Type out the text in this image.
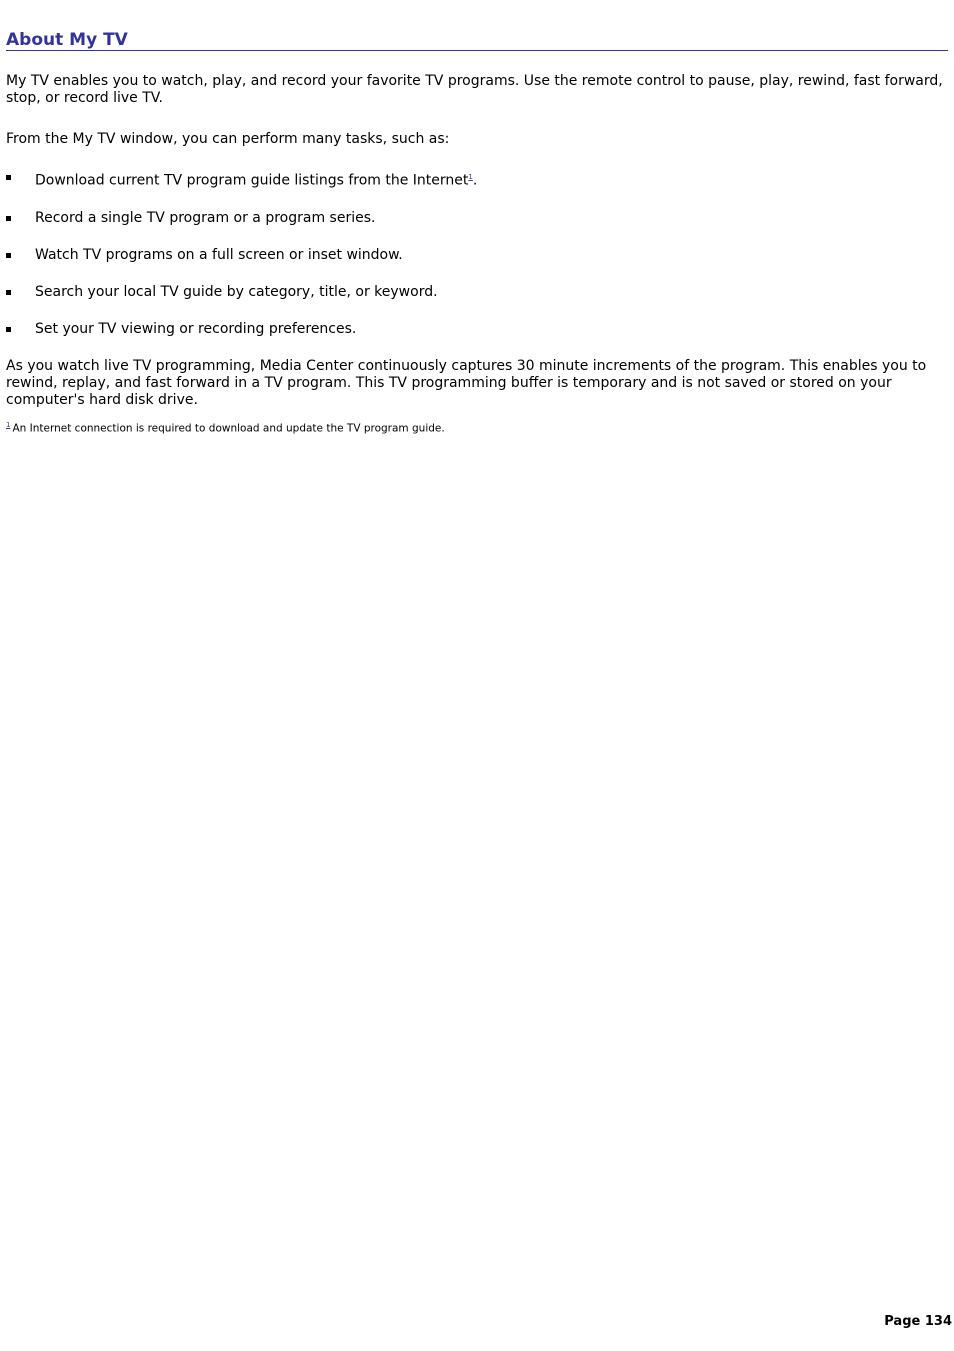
About My TV

My TV enables you to watch, play, and record your favorite TV programs. Use the remote control to pause, play, rewind, fast forward, stop, or record live TV.

From the My TV window, you can perform many tasks, such as:

Download current TV program guide listings from the Internet$^1$.
Record a single TV program or a program series.
Watch TV programs on a full screen or inset window.
Search your local TV guide by category, title, or keyword.
Set your TV viewing or recording preferences.

As you watch live TV programming, Media Center continuously captures 30 minute increments of the program. This enables you to rewind, replay, and fast forward in a TV program. This TV programming buffer is temporary and is not saved or stored on your computer's hard disk drive.

$^1$ An Internet connection is required to download and update the TV program guide.

Page 134
